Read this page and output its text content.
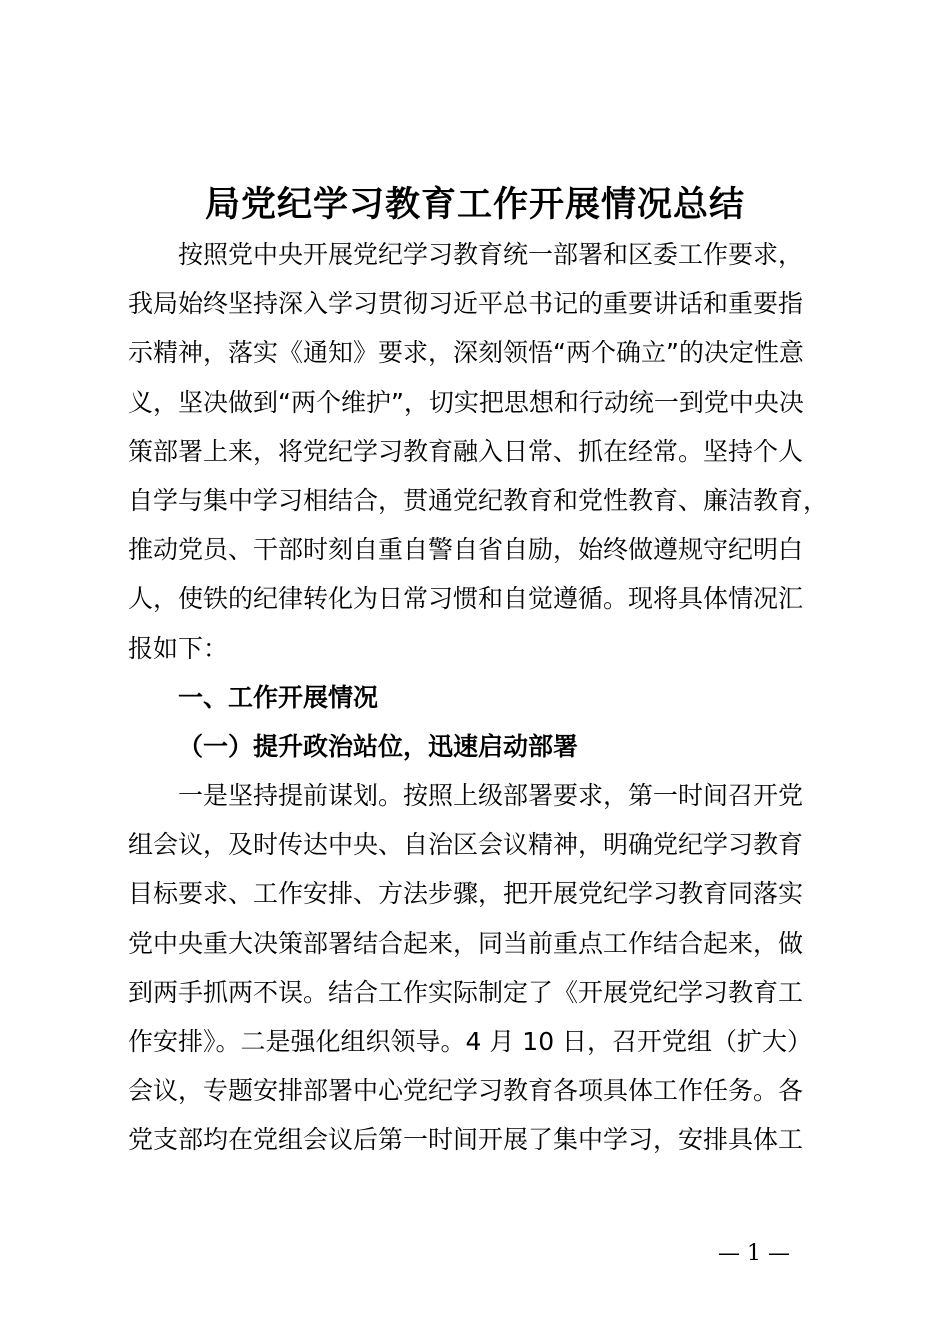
局党纪学习教育工作开展情况总结
按照党中央开展党纪学习教育统一部署和区委工作要求，
我局始终坚持深入学习贯彻习近平总书记的重要讲话和重要指
示精神，落实《通知》要求，深刻领悟“两个确立”的决定性意
义，坚决做到“两个维护”，切实把思想和行动统一到党中央决
策部署上来，将党纪学习教育融入日常、抓在经常。坚持个人
自学与集中学习相结合，贯通党纪教育和党性教育、廉洁教育，
推动党员、干部时刻自重自警自省自励，始终做遵规守纪明白
人，使铁的纪律转化为日常习惯和自觉遵循。现将具体情况汇
报如下：
一、工作开展情况
（一）提升政治站位，迅速启动部署
一是坚持提前谋划。按照上级部署要求，第一时间召开党
组会议，及时传达中央、自治区会议精神，明确党纪学习教育
目标要求、工作安排、方法步骤，把开展党纪学习教育同落实
党中央重大决策部署结合起来，同当前重点工作结合起来，做
到两手抓两不误。结合工作实际制定了《开展党纪学习教育工
作安排》。二是强化组织领导。4 月 10 日，召开党组（扩大）
会议，专题安排部署中心党纪学习教育各项具体工作任务。各
党支部均在党组会议后第一时间开展了集中学习，安排具体工
— 1 —
